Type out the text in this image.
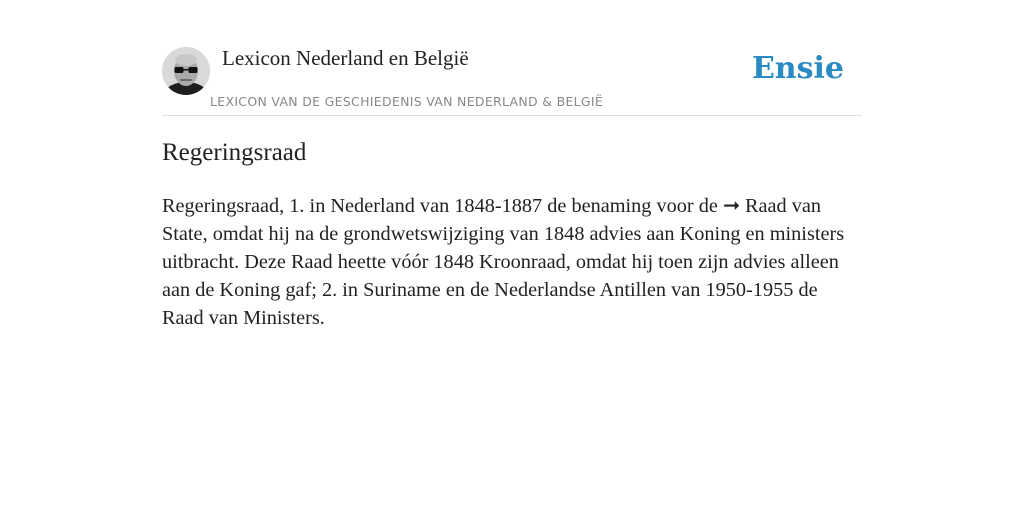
Lexicon Nederland en België
LEXICON VAN DE GESCHIEDENIS VAN NEDERLAND & BELGIË
Ensie
Regeringsraad

Regeringsraad, 1. in Nederland van 1848-1887 de benaming voor de ➞ Raad van State, omdat hij na de grondwetswijziging van 1848 advies aan Koning en ministers uitbracht. Deze Raad heette vóór 1848 Kroonraad, omdat hij toen zijn advies alleen aan de Koning gaf; 2. in Suriname en de Nederlandse Antillen van 1950-1955 de Raad van Ministers.
